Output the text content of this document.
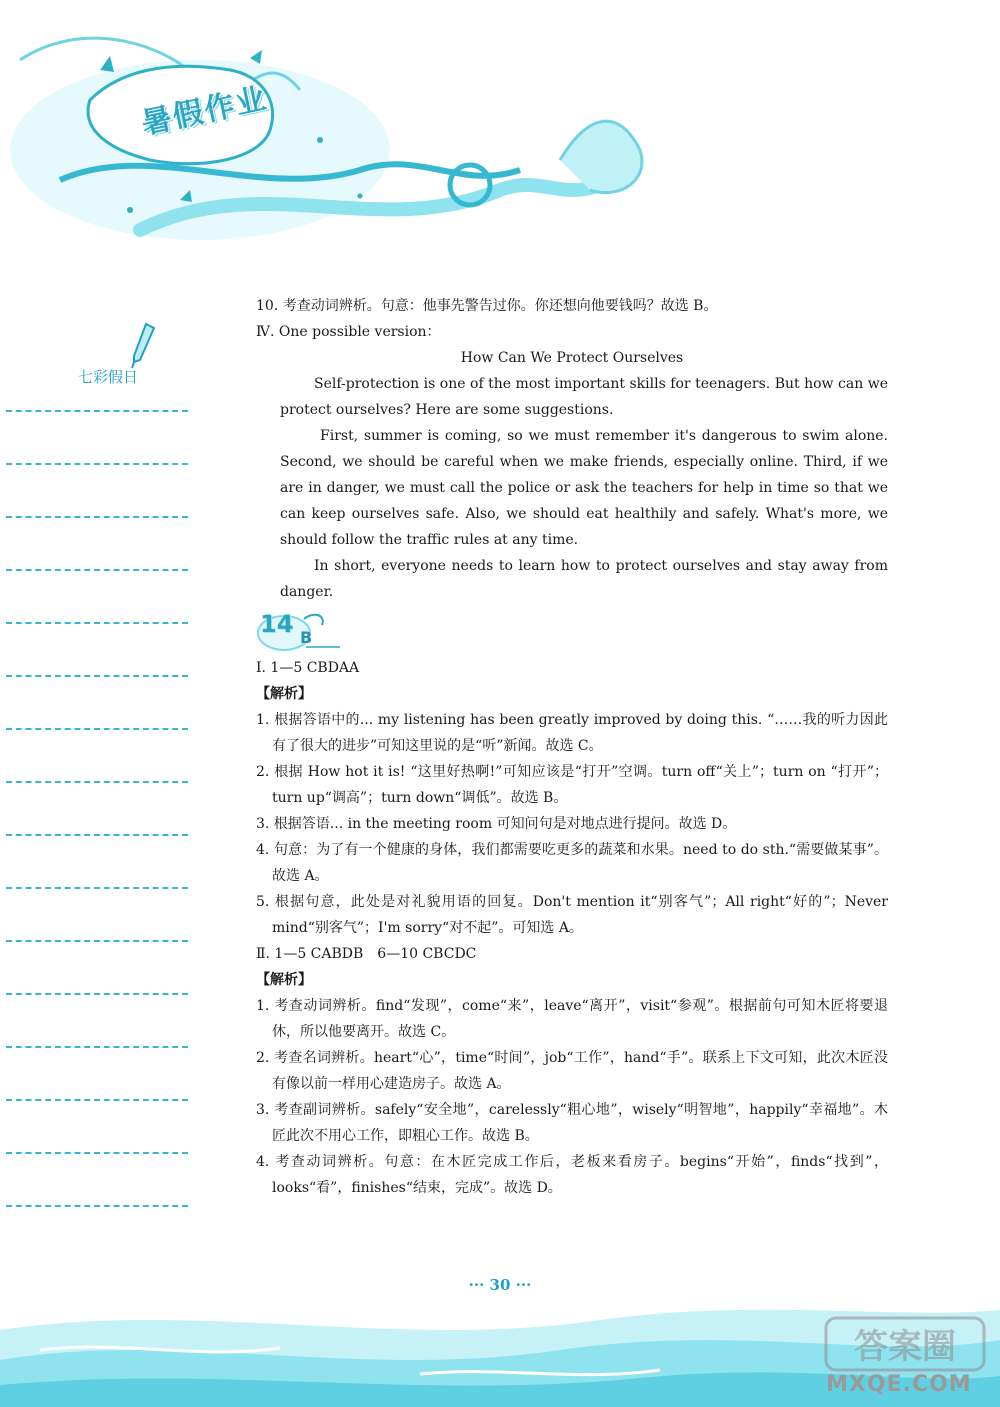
暑假作业
七彩假日
10. 考查动词辨析。句意：他事先警告过你。你还想向他要钱吗？故选 B。
Ⅳ. One possible version：
How Can We Protect Ourselves
Self-protection is one of the most important skills for teenagers. But how can we protect ourselves? Here are some suggestions.
First, summer is coming, so we must remember it's dangerous to swim alone. Second, we should be careful when we make friends, especially online. Third, if we are in danger, we must call the police or ask the teachers for help in time so that we can keep ourselves safe. Also, we should eat healthily and safely. What's more, we should follow the traffic rules at any time.
In short, everyone needs to learn how to protect ourselves and stay away from danger.
14 B
Ⅰ. 1—5 CBDAA
【解析】
1. 根据答语中的... my listening has been greatly improved by doing this. “……我的听力因此有了很大的进步”可知这里说的是“听”新闻。故选 C。
2. 根据 How hot it is! “这里好热啊!”可知应该是“打开”空调。turn off“关上”；turn on “打开”；turn up“调高”；turn down“调低”。故选 B。
3. 根据答语... in the meeting room 可知问句是对地点进行提问。故选 D。
4. 句意：为了有一个健康的身体，我们都需要吃更多的蔬菜和水果。need to do sth.“需要做某事”。故选 A。
5. 根据句意，此处是对礼貌用语的回复。Don't mention it“别客气”；All right“好的”；Never mind“别客气”；I'm sorry“对不起”。可知选 A。
Ⅱ. 1—5 CABDB　6—10 CBCDC
【解析】
1. 考查动词辨析。find“发现”，come“来”，leave“离开”，visit“参观”。根据前句可知木匠将要退休，所以他要离开。故选 C。
2. 考查名词辨析。heart“心”，time“时间”，job“工作”，hand“手”。联系上下文可知，此次木匠没有像以前一样用心建造房子。故选 A。
3. 考查副词辨析。safely“安全地”，carelessly“粗心地”，wisely“明智地”，happily“幸福地”。木匠此次不用心工作，即粗心工作。故选 B。
4. 考查动词辨析。句意：在木匠完成工作后，老板来看房子。begins“开始”，finds“找到”，looks“看”，finishes“结束，完成”。故选 D。
··· 30 ···
答案圈
MXQE.COM
